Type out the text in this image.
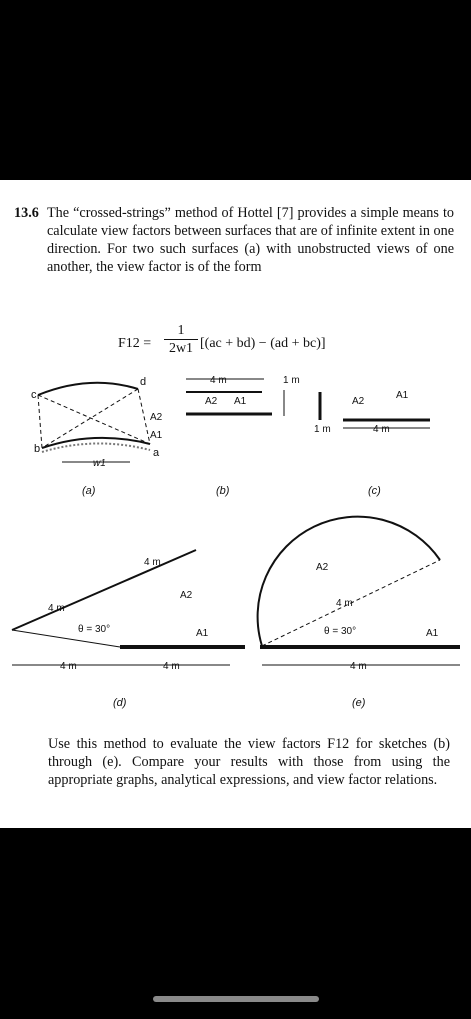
13.6 The “crossed-strings” method of Hottel [7] provides a simple means to calculate view factors between surfaces that are of infinite extent in one direction. For two such surfaces (a) with unobstructed views of one another, the view factor is of the form
$F12 = \frac{1}{2w1} [(ac + bd) - (ad + bc)]$
c
d
b	a
A2
A1
w1
(a)
4 m	1 m
A2 A1
(b)
A2
A1
1 m	4 m
(c)
4 m
A2
4 m
θ = 30°	A1
4 m	4 m
(d)
A2
4 m
θ = 30°	A1
4 m
(e)
Use this method to evaluate the view factors F12 for sketches (b) through (e). Compare your results with those from using the appropriate graphs, analytical expressions, and view factor relations.
